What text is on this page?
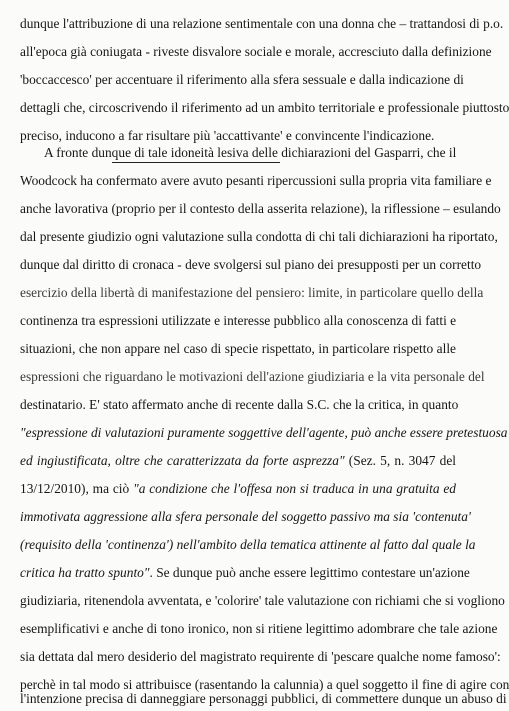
dunque l'attribuzione di una relazione sentimentale con una donna che – trattandosi di p.o.
all'epoca già coniugata - riveste disvalore sociale e morale, accresciuto dalla definizione
'boccaccesco' per accentuare il riferimento alla sfera sessuale e dalla indicazione di
dettagli che, circoscrivendo il riferimento ad un ambito territoriale e professionale piuttosto
preciso, inducono a far risultare più 'accattivante' e convincente l'indicazione.
A fronte dunque di tale idoneità lesiva delle dichiarazioni del Gasparri, che il
Woodcock ha confermato avere avuto pesanti ripercussioni sulla propria vita familiare e
anche lavorativa (proprio per il contesto della asserita relazione), la riflessione – esulando
dal presente giudizio ogni valutazione sulla condotta di chi tali dichiarazioni ha riportato,
dunque dal diritto di cronaca - deve svolgersi sul piano dei presupposti per un corretto
esercizio della libertà di manifestazione del pensiero: limite, in particolare quello della
continenza tra espressioni utilizzate e interesse pubblico alla conoscenza di fatti e
situazioni, che non appare nel caso di specie rispettato, in particolare rispetto alle
espressioni che riguardano le motivazioni dell'azione giudiziaria e la vita personale del
destinatario. E' stato affermato anche di recente dalla S.C. che la critica, in quanto
"espressione di valutazioni puramente soggettive dell'agente, può anche essere pretestuosa
ed ingiustificata, oltre che caratterizzata da forte asprezza" (Sez. 5, n. 3047 del
13/12/2010), ma ciò "a condizione che l'offesa non si traduca in una gratuita ed
immotivata aggressione alla sfera personale del soggetto passivo ma sia 'contenuta'
(requisito della 'continenza') nell'ambito della tematica attinente al fatto dal quale la
critica ha tratto spunto". Se dunque può anche essere legittimo contestare un'azione
giudiziaria, ritenendola avventata, e 'colorire' tale valutazione con richiami che si vogliono
esemplificativi e anche di tono ironico, non si ritiene legittimo adombrare che tale azione
sia dettata dal mero desiderio del magistrato requirente di 'pescare qualche nome famoso':
perchè in tal modo si attribuisce (rasentando la calunnia) a quel soggetto il fine di agire con
l'intenzione precisa di danneggiare personaggi pubblici, di commettere dunque un abuso di
